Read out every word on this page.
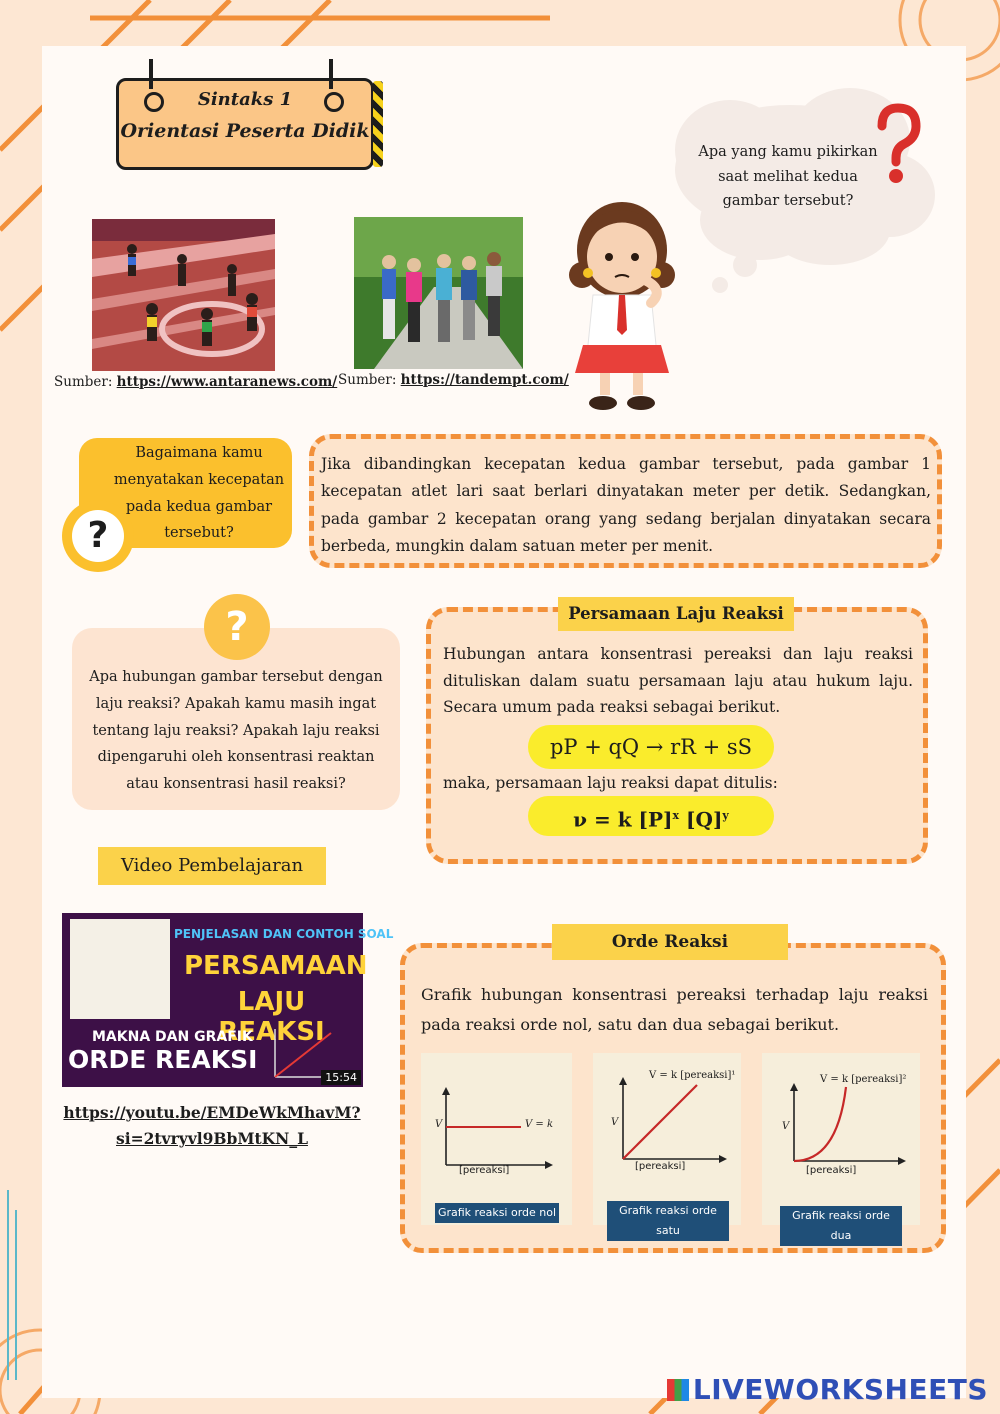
Sintaks 1
Orientasi Peserta Didik
Sumber: https://www.antaranews.com/ Sumber: https://tandempt.com/
Apa yang kamu pikirkan saat melihat kedua gambar tersebut?
?
Bagaimana kamu menyatakan kecepatan pada kedua gambar tersebut?
Jika dibandingkan kecepatan kedua gambar tersebut, pada gambar 1 kecepatan atlet lari saat berlari dinyatakan meter per detik. Sedangkan, pada gambar 2 kecepatan orang yang sedang berjalan dinyatakan secara berbeda, mungkin dalam satuan meter per menit.
?
Apa hubungan gambar tersebut dengan laju reaksi? Apakah kamu masih ingat tentang laju reaksi? Apakah laju reaksi dipengaruhi oleh konsentrasi reaktan atau konsentrasi hasil reaksi?
Persamaan Laju Reaksi
Hubungan antara konsentrasi pereaksi dan laju reaksi dituliskan dalam suatu persamaan laju atau hukum laju. Secara umum pada reaksi sebagai berikut.
pP + qQ → rR + sS
maka, persamaan laju reaksi dapat ditulis:
ν = k $[P]^x$ $[Q]^y$
Video Pembelajaran
PENJELASAN DAN CONTOH SOAL
PERSAMAAN
LAJU REAKSI
MAKNA DAN GRAFIK
ORDE REAKSI
15:54
https://youtu.be/EMDeWkMhavM?
si=2tvryvl9BbMtKN_L
Orde Reaksi
Grafik hubungan konsentrasi pereaksi terhadap laju reaksi pada reaksi orde nol, satu dan dua sebagai berikut.
V	V = k
[pereaksi]
Grafik reaksi orde nol
V
V = k [pereaksi]¹
[pereaksi]
Grafik reaksi orde satu
V
V = k [pereaksi]²
[pereaksi]
Grafik reaksi orde dua
LIVEWORKSHEETS
